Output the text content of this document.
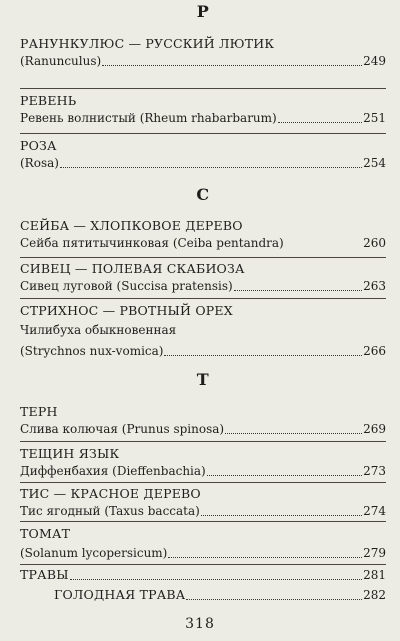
Р
РАНУНКУЛЮС — РУССКИЙ ЛЮТИК
(Ranunculus)	249
РЕВЕНЬ
Ревень волнистый (Rheum rhabarbarum)	251
РОЗА
(Rosa)	254
С
СЕЙБА — ХЛОПКОВОЕ ДЕРЕВО
Сейба пятитычинковая (Ceiba pentandra)	260
СИВЕЦ — ПОЛЕВАЯ СКАБИОЗА
Сивец луговой (Succisa pratensis)	263
СТРИХНОС — РВОТНЫЙ ОРЕХ
Чилибуха обыкновенная
(Strychnos nux-vomica)	266
Т
ТЕРН
Слива колючая (Prunus spinosa)	269
ТЕЩИН ЯЗЫК
Диффенбахия (Dieffenbachia)	273
ТИС — КРАСНОЕ ДЕРЕВО
Тис ягодный (Taxus baccata)	274
ТОМАТ
(Solanum lycopersicum)	279
ТРАВЫ	281
ГОЛОДНАЯ ТРАВА	282
318
